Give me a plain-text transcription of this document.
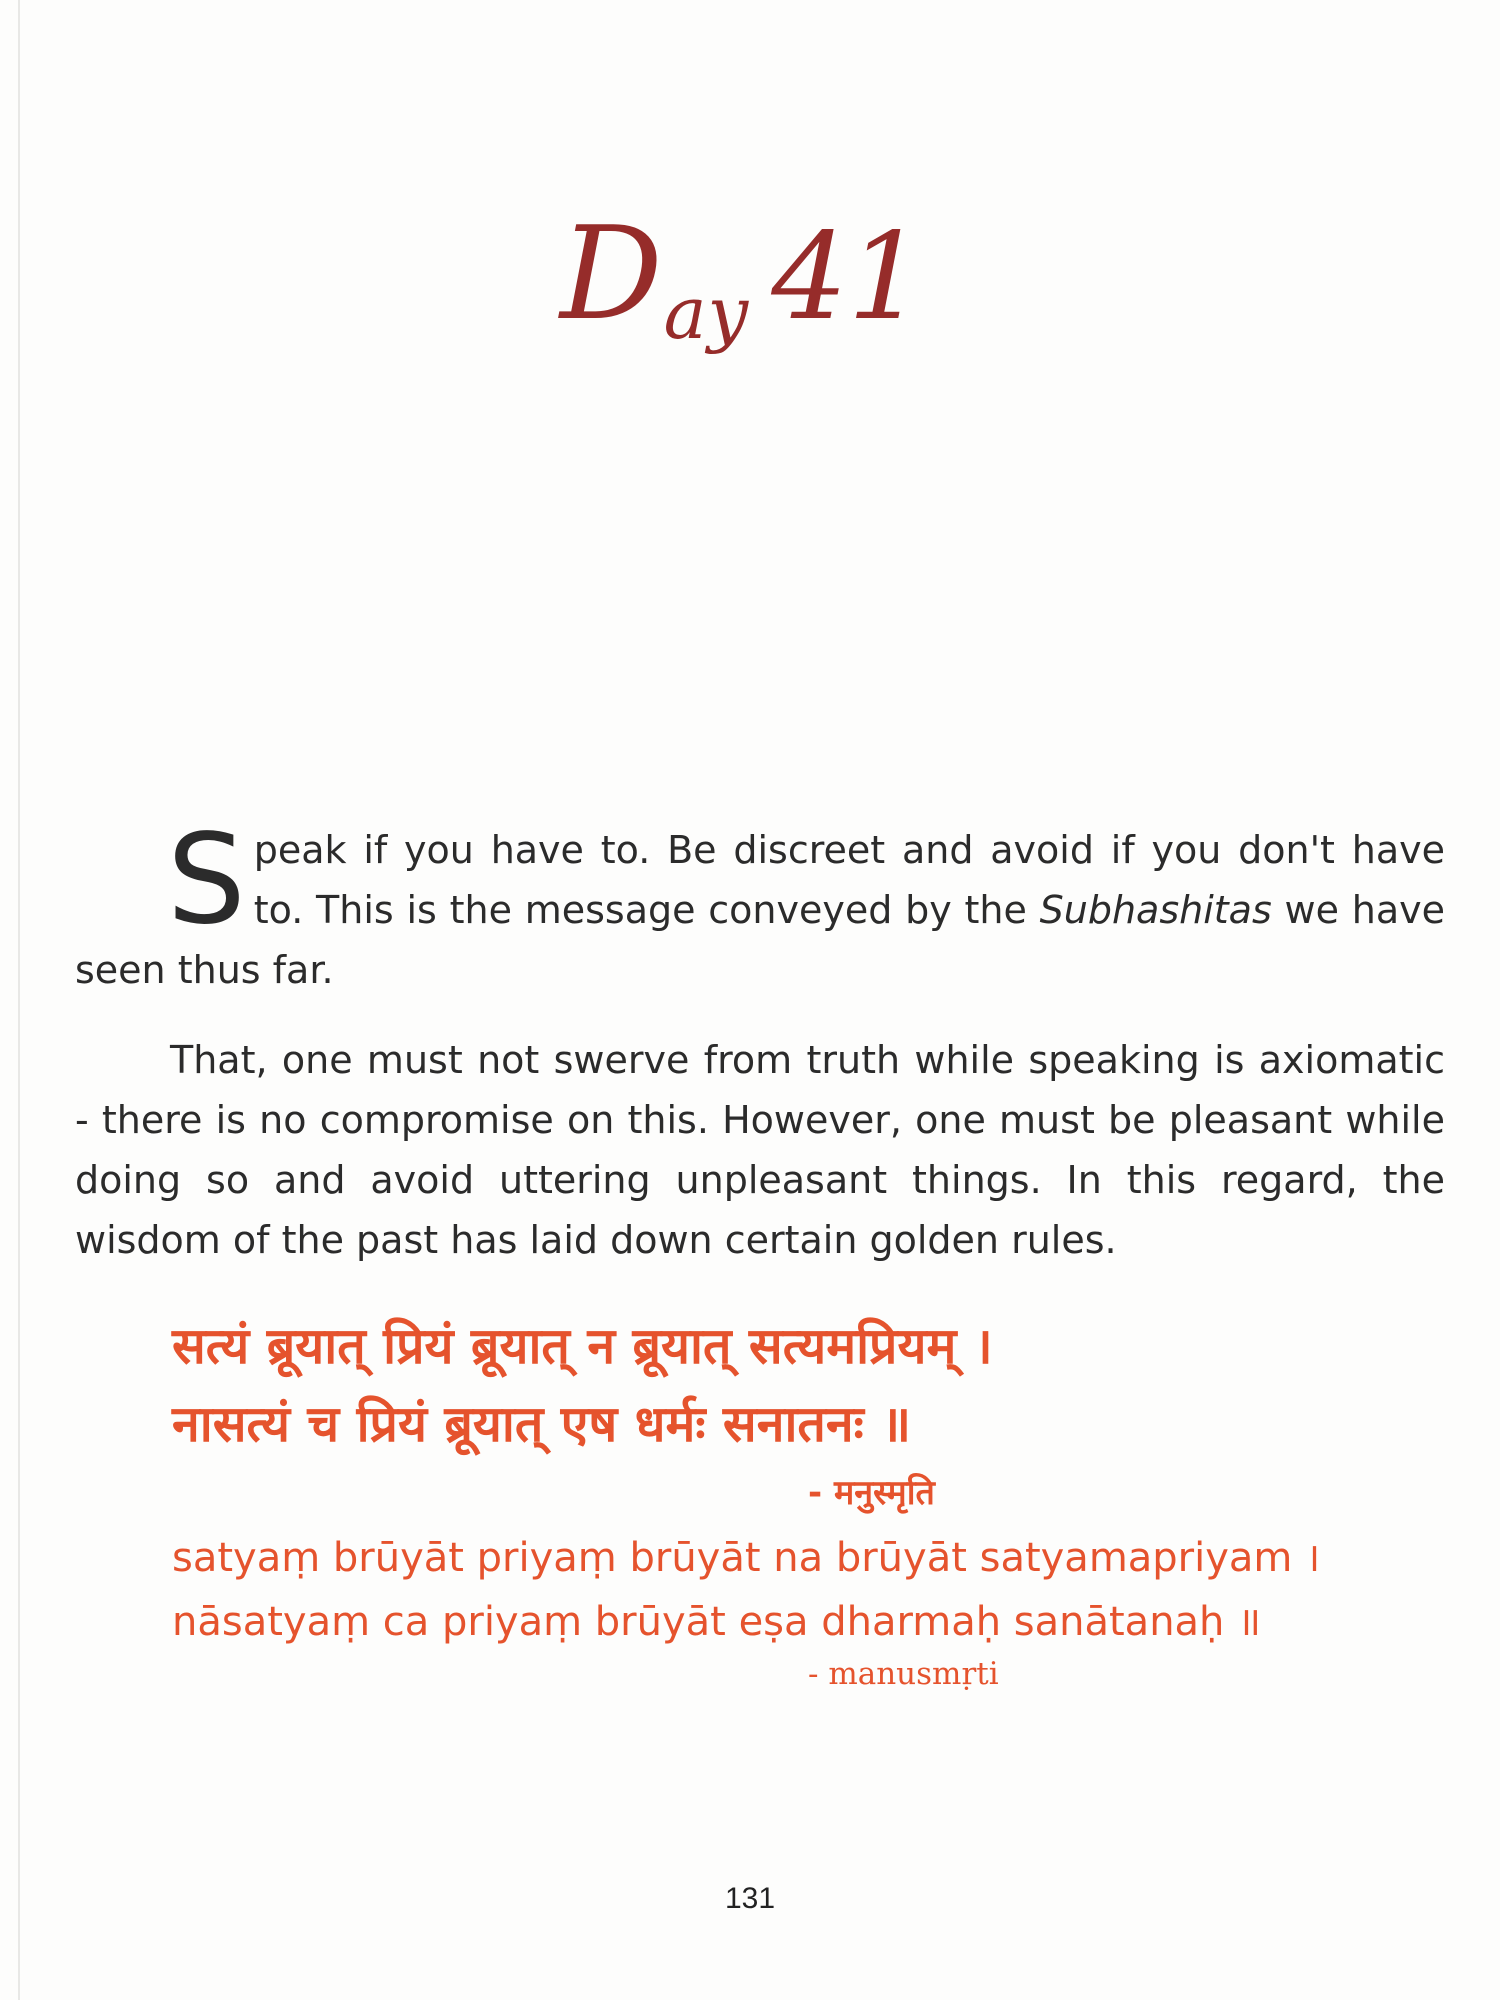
Day 41
Speak if you have to. Be discreet and avoid if you don't have to. This is the message conveyed by the Subhashitas we have seen thus far.
That, one must not swerve from truth while speaking is axiomatic - there is no compromise on this. However, one must be pleasant while doing so and avoid uttering unpleasant things. In this regard, the wisdom of the past has laid down certain golden rules.
सत्यं ब्रूयात् प्रियं ब्रूयात् न ब्रूयात् सत्यमप्रियम् ।
नासत्यं च प्रियं ब्रूयात् एष धर्मः सनातनः ॥
- मनुस्मृति
satyaṃ brūyāt priyaṃ brūyāt na brūyāt satyamapriyam ।
nāsatyaṃ ca priyaṃ brūyāt eṣa dharmaḥ sanātanaḥ ॥
- manusmṛti
131
